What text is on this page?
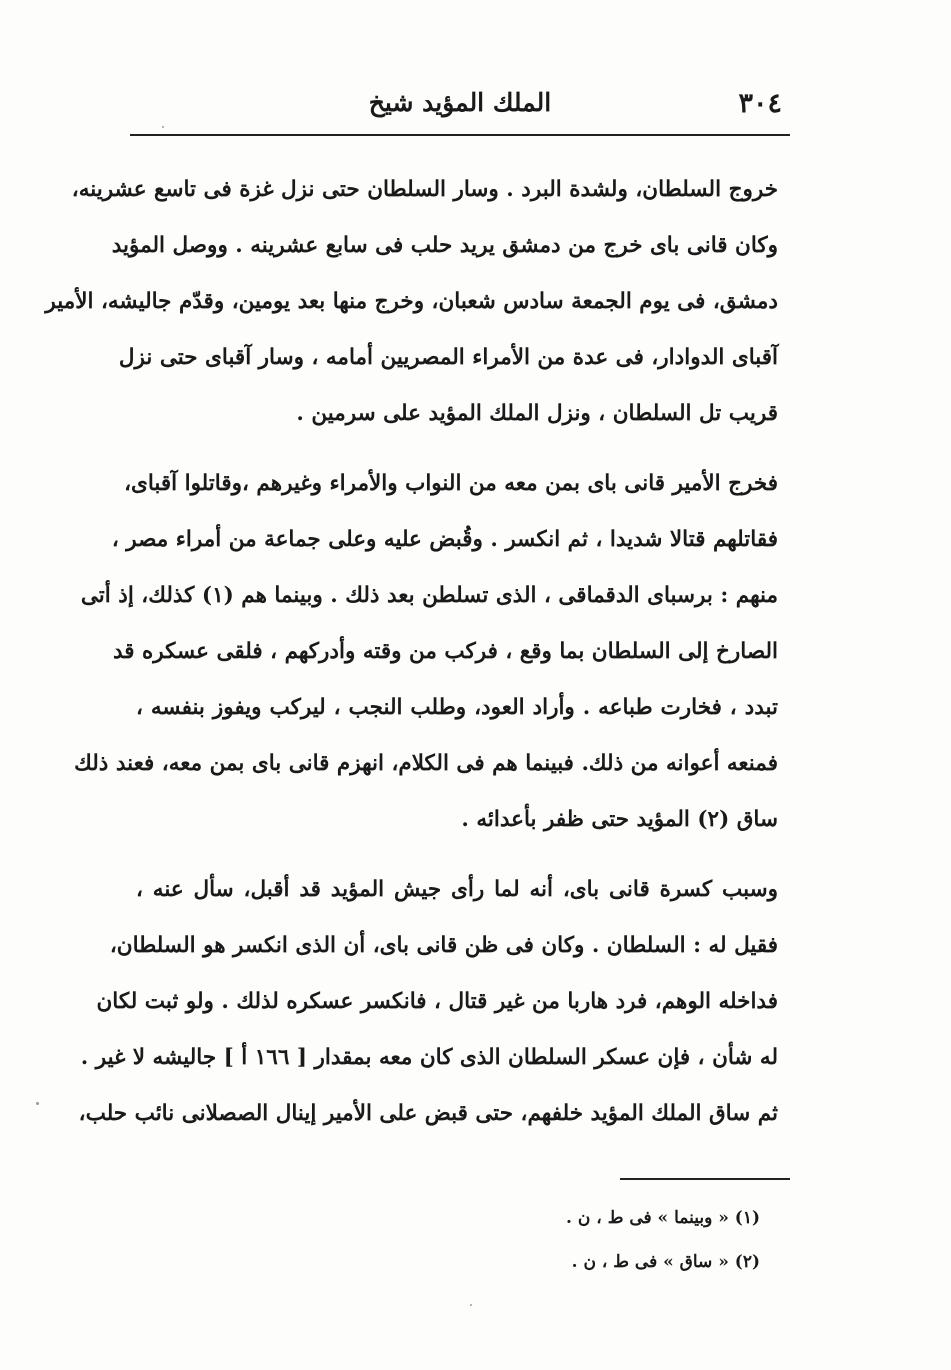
٣٠٤
الملك المؤيد شيخ
خروج السلطان، ولشدة البرد . وسار السلطان حتى نزل غزة فى تاسع عشرينه،
وكان قانى باى خرج من دمشق يريد حلب فى سابع عشرينه . ووصل المؤيد
دمشق، فى يوم الجمعة سادس شعبان، وخرج منها بعد يومين، وقدّم جاليشه، الأمير
آقباى الدوادار، فى عدة من الأمراء المصريين أمامه ، وسار آقباى حتى نزل
قريب تل السلطان ، ونزل الملك المؤيد على سرمين .
فخرج الأمير قانى باى بمن معه من النواب والأمراء وغيرهم ،وقاتلوا آقباى،
فقاتلهم قتالا شديدا ، ثم انكسر . وقُبض عليه وعلى جماعة من أمراء مصر ،
منهم : برسباى الدقماقى ، الذى تسلطن بعد ذلك . وبينما هم (١) كذلك، إذ أتى
الصارخ إلى السلطان بما وقع ، فركب من وقته وأدركهم ، فلقى عسكره قد
تبدد ، فخارت طباعه . وأراد العود، وطلب النجب ، ليركب ويفوز بنفسه ،
فمنعه أعوانه من ذلك. فبينما هم فى الكلام، انهزم قانى باى بمن معه، فعند ذلك
ساق (٢) المؤيد حتى ظفر بأعدائه .
وسبب كسرة قانى باى، أنه لما رأى جيش المؤيد قد أقبل، سأل عنه ،
فقيل له : السلطان . وكان فى ظن قانى باى، أن الذى انكسر هو السلطان،
فداخله الوهم، فرد هاربا من غير قتال ، فانكسر عسكره لذلك . ولو ثبت لكان
له شأن ، فإن عسكر السلطان الذى كان معه بمقدار [ ١٦٦ أ ] جاليشه لا غير .
ثم ساق الملك المؤيد خلفهم، حتى قبض على الأمير إينال الصصلانى نائب حلب،
(١) « وبينما » فى ط ، ن .
(٢) « ساق » فى ط ، ن .
